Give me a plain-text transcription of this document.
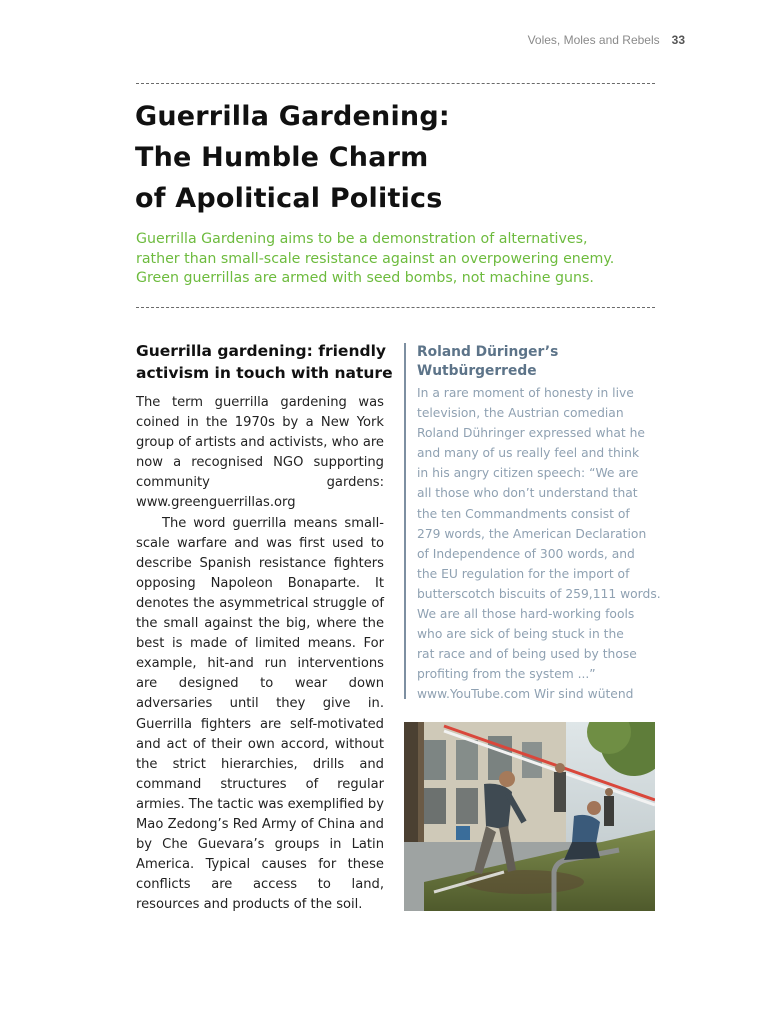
Voles, Moles and Rebels 33
Guerrilla Gardening:
The Humble Charm
of Apolitical Politics

Guerrilla Gardening aims to be a demonstration of alternatives,
rather than small-scale resistance against an overpowering enemy.
Green guerrillas are armed with seed bombs, not machine guns.

Guerrilla gardening: friendly
activism in touch with nature

The term guerrilla gardening was coined in the 1970s by a New York group of artists and activists, who are now a recognised NGO supporting community gardens: www.greenguerrillas.org

The word guerrilla means small-scale warfare and was first used to describe Spanish resistance fighters opposing Napoleon Bonaparte. It denotes the asymmetrical struggle of the small against the big, where the best is made of limited means. For example, hit-and run interventions are designed to wear down adversaries until they give in. Guerrilla fighters are self-motivated and act of their own accord, without the strict hierarchies, drills and command structures of regular armies. The tactic was exemplified by Mao Zedong’s Red Army of China and by Che Guevara’s groups in Latin America. Typical causes for these conflicts are access to land, resources and products of the soil.

Roland Düringer’s
Wutbürgerrede

In a rare moment of honesty in live
television, the Austrian comedian
Roland Dühringer expressed what he
and many of us really feel and think
in his angry citizen speech: “We are
all those who don’t understand that
the ten Commandments consist of
279 words, the American Declaration
of Independence of 300 words, and
the EU regulation for the import of
butterscotch biscuits of 259,111 words.
We are all those hard-working fools
who are sick of being stuck in the
rat race and of being used by those
profiting from the system ...”
www.YouTube.com Wir sind wütend
